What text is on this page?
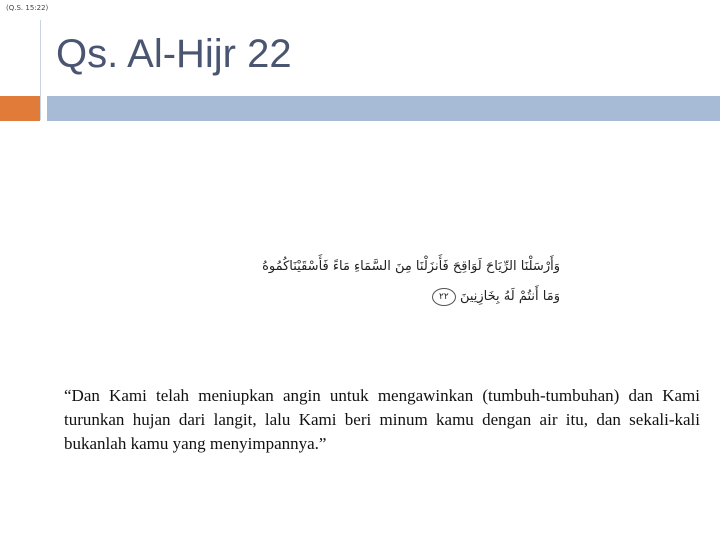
(Q.S. 15:22)
Qs. Al-Hijr 22
وَأَرْسَلْنَا الرِّيَاحَ لَوَاقِحَ فَأَنزَلْنَا مِنَ السَّمَاءِ مَاءً فَأَسْقَيْنَاكُمُوهُ
وَمَا أَنتُمْ لَهُ بِخَازِنِينَ ٢٢
“Dan Kami telah meniupkan angin untuk mengawinkan (tumbuh-tumbuhan) dan Kami turunkan hujan dari langit, lalu Kami beri minum kamu dengan air itu, dan sekali-kali bukanlah kamu yang menyimpannya.”
